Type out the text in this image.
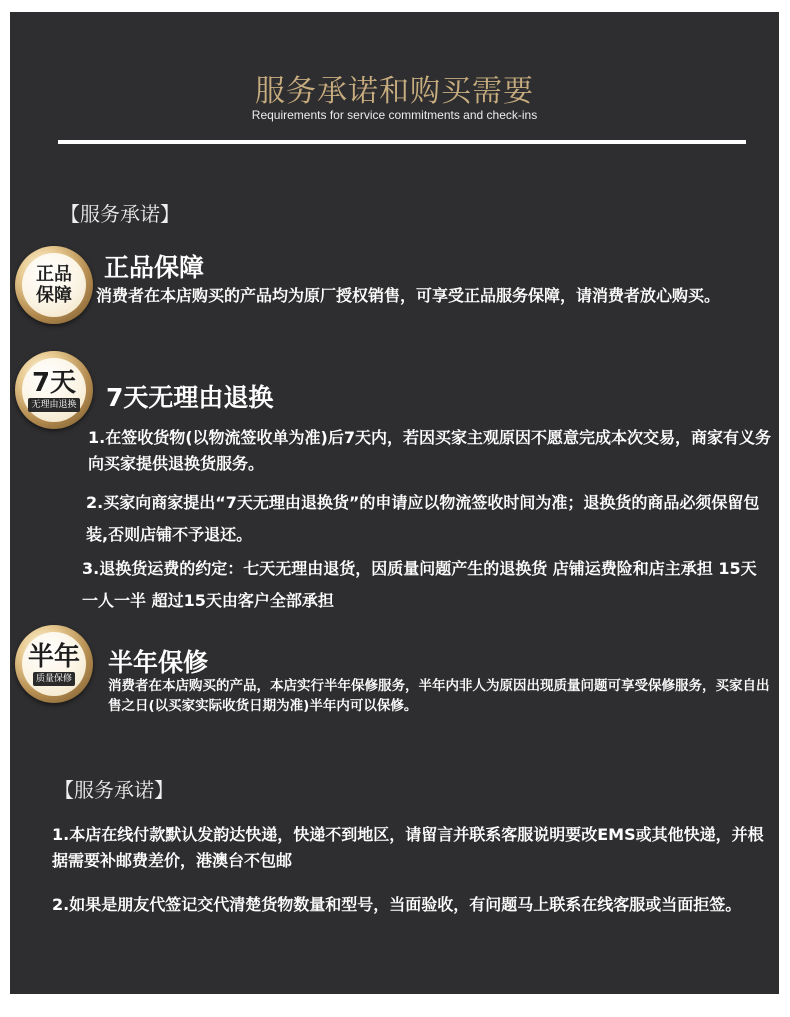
服务承诺和购买需要
Requirements for service commitments and check-ins
【服务承诺】
正品
保障
正品保障
消费者在本店购买的产品均为原厂授权销售，可享受正品服务保障，请消费者放心购买。
7天
无理由退换 7天无理由退换
1.在签收货物(以物流签收单为准)后7天内，若因买家主观原因不愿意完成本次交易，商家有义务向买家提供退换货服务。
2.买家向商家提出“7天无理由退换货”的申请应以物流签收时间为准；退换货的商品必须保留包装,否则店铺不予退还。
3.退换货运费的约定：七天无理由退货，因质量问题产生的退换货 店铺运费险和店主承担 15天 一人一半 超过15天由客户全部承担
半年
质量保修
半年保修
消费者在本店购买的产品，本店实行半年保修服务，半年内非人为原因出现质量问题可享受保修服务，买家自出售之日(以买家实际收货日期为准)半年内可以保修。
【服务承诺】
1.本店在线付款默认发韵达快递，快递不到地区，请留言并联系客服说明要改EMS或其他快递，并根据需要补邮费差价，港澳台不包邮
2.如果是朋友代签记交代清楚货物数量和型号，当面验收，有问题马上联系在线客服或当面拒签。
